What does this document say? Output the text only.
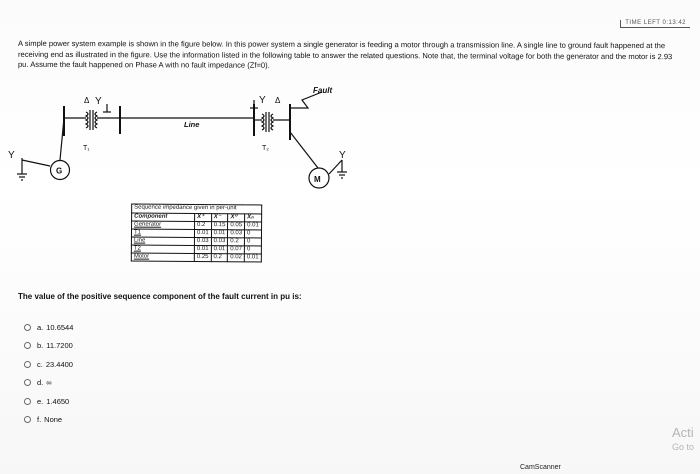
TIME LEFT 0:13:42
A simple power system example is shown in the figure below. In this power system a single generator is feeding a motor through a transmission line. A single line to ground fault happened at the receiving end as illustrated in the figure. Use the information listed in the following table to answer the related questions. Note that, the terminal voltage for both the generator and the motor is 2.93 pu. Assume the fault happened on Phase A with no fault impedance (Zf=0).
Fault
G
M
Line
T₁	T₂
Δ Y	Y Δ
Y	Y
Sequence impedance given in per-unit				
Component	X⁺	X⁻	X⁰	Xₙ
Generator	0.2	0.15	0.05	0.01
T1	0.01	0.01	0.03	0
Line	0.03	0.03	0.2	0
T2	0.01	0.01	0.07	0
Motor	0.25	0.2	0.02	0.01
The value of the positive sequence component of the fault current in pu is:
a. 10.6544
b. 11.7200
c. 23.4400
d. ∞
e. 1.4650
f. None
Acti
Go to
CamScanner
